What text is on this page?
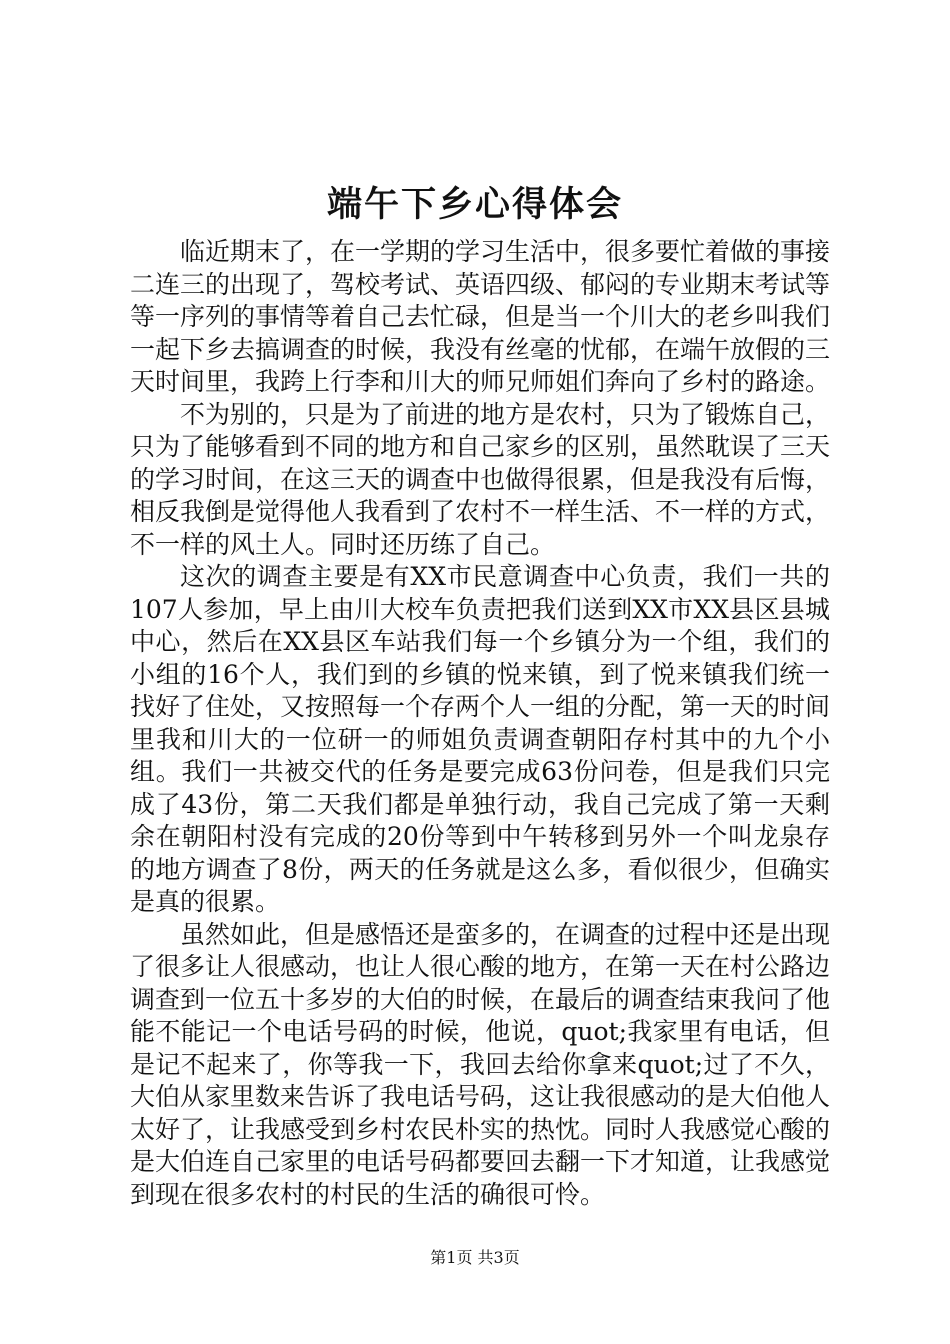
端午下乡心得体会

临近期末了，在一学期的学习生活中，很多要忙着做的事接二连三的出现了，驾校考试、英语四级、郁闷的专业期末考试等等一序列的事情等着自己去忙碌，但是当一个川大的老乡叫我们一起下乡去搞调查的时候，我没有丝毫的忧郁，在端午放假的三天时间里，我跨上行李和川大的师兄师姐们奔向了乡村的路途。

不为别的，只是为了前进的地方是农村，只为了锻炼自己，只为了能够看到不同的地方和自己家乡的区别，虽然耽误了三天的学习时间，在这三天的调查中也做得很累，但是我没有后悔，相反我倒是觉得他人我看到了农村不一样生活、不一样的方式，不一样的风土人。同时还历练了自己。

这次的调查主要是有XX市民意调查中心负责，我们一共的107人参加，早上由川大校车负责把我们送到XX市XX县区县城中心，然后在XX县区车站我们每一个乡镇分为一个组，我们的小组的16个人，我们到的乡镇的悦来镇，到了悦来镇我们统一找好了住处，又按照每一个存两个人一组的分配，第一天的时间里我和川大的一位研一的师姐负责调查朝阳存村其中的九个小组。我们一共被交代的任务是要完成63份问卷，但是我们只完成了43份，第二天我们都是单独行动，我自己完成了第一天剩余在朝阳村没有完成的20份等到中午转移到另外一个叫龙泉存的地方调查了8份，两天的任务就是这么多，看似很少，但确实是真的很累。

虽然如此，但是感悟还是蛮多的，在调查的过程中还是出现了很多让人很感动，也让人很心酸的地方，在第一天在村公路边调查到一位五十多岁的大伯的时候，在最后的调查结束我问了他能不能记一个电话号码的时候，他说，quot;我家里有电话，但是记不起来了，你等我一下，我回去给你拿来quot;过了不久，大伯从家里数来告诉了我电话号码，这让我很感动的是大伯他人太好了，让我感受到乡村农民朴实的热忱。同时人我感觉心酸的是大伯连自己家里的电话号码都要回去翻一下才知道，让我感觉到现在很多农村的村民的生活的确很可怜。

第1页 共3页
